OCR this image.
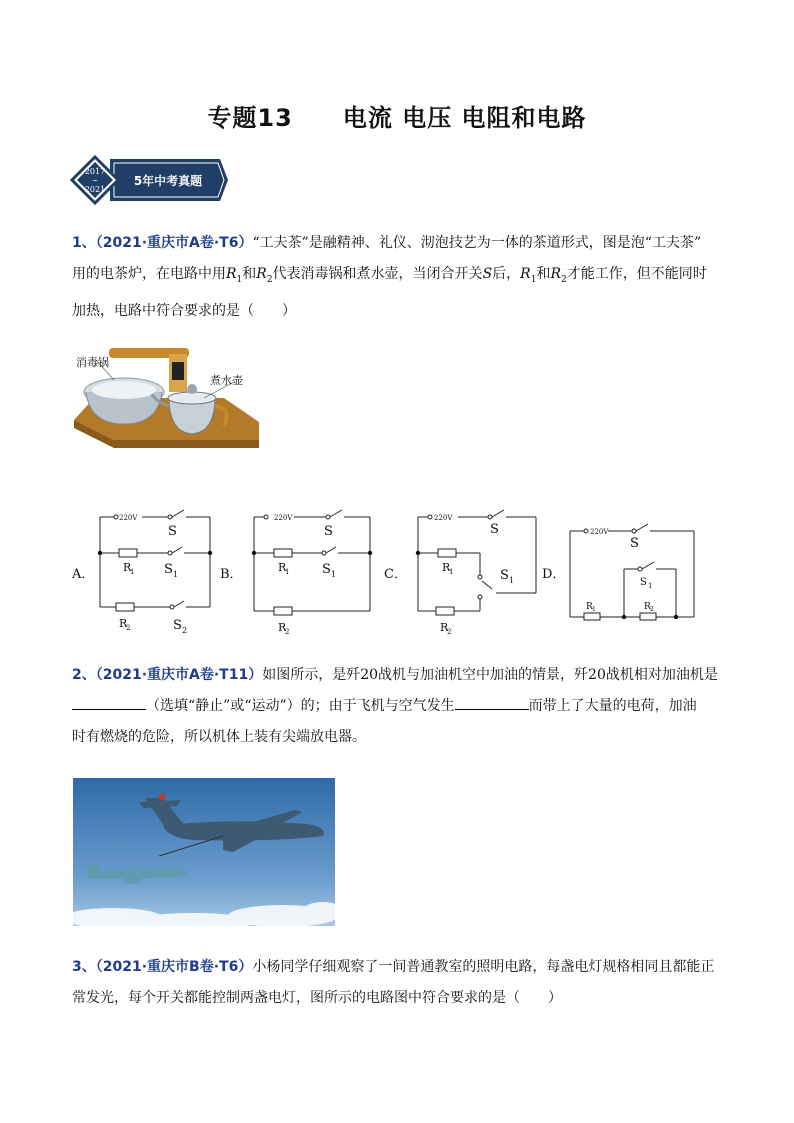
专题13　　电流 电压 电阻和电路
2017
~
2021
5年中考真题
1、（2021·重庆市A卷·T6）“工夫茶”是融精神、礼仪、沏泡技艺为一体的茶道形式，图是泡“工夫茶”
用的电茶炉，在电路中用$R_1$和$R_2$代表消毒锅和煮水壶，当闭合开关S后，$R_1$和$R_2$才能工作，但不能同时
加热，电路中符合要求的是（　　）
消毒锅
煮水壶
220V	220V	220V
220V
S
S 1
S 2
S
S 1
S
S 1
S
R
1
R
2
R
1
R
2
R
1
R
2
S 1
R 1	R 2
A．	B．	C．	D．
2、（2021·重庆市A卷·T11）如图所示，是歼20战机与加油机空中加油的情景，歼20战机相对加油机是
（选填“静止”或“运动”）的；由于飞机与空气发生	而带上了大量的电荷，加油
时有燃烧的危险，所以机体上装有尖端放电器。
3、（2021·重庆市B卷·T6）小杨同学仔细观察了一间普通教室的照明电路，每盏电灯规格相同且都能正
常发光，每个开关都能控制两盏电灯，图所示的电路图中符合要求的是（　　）
